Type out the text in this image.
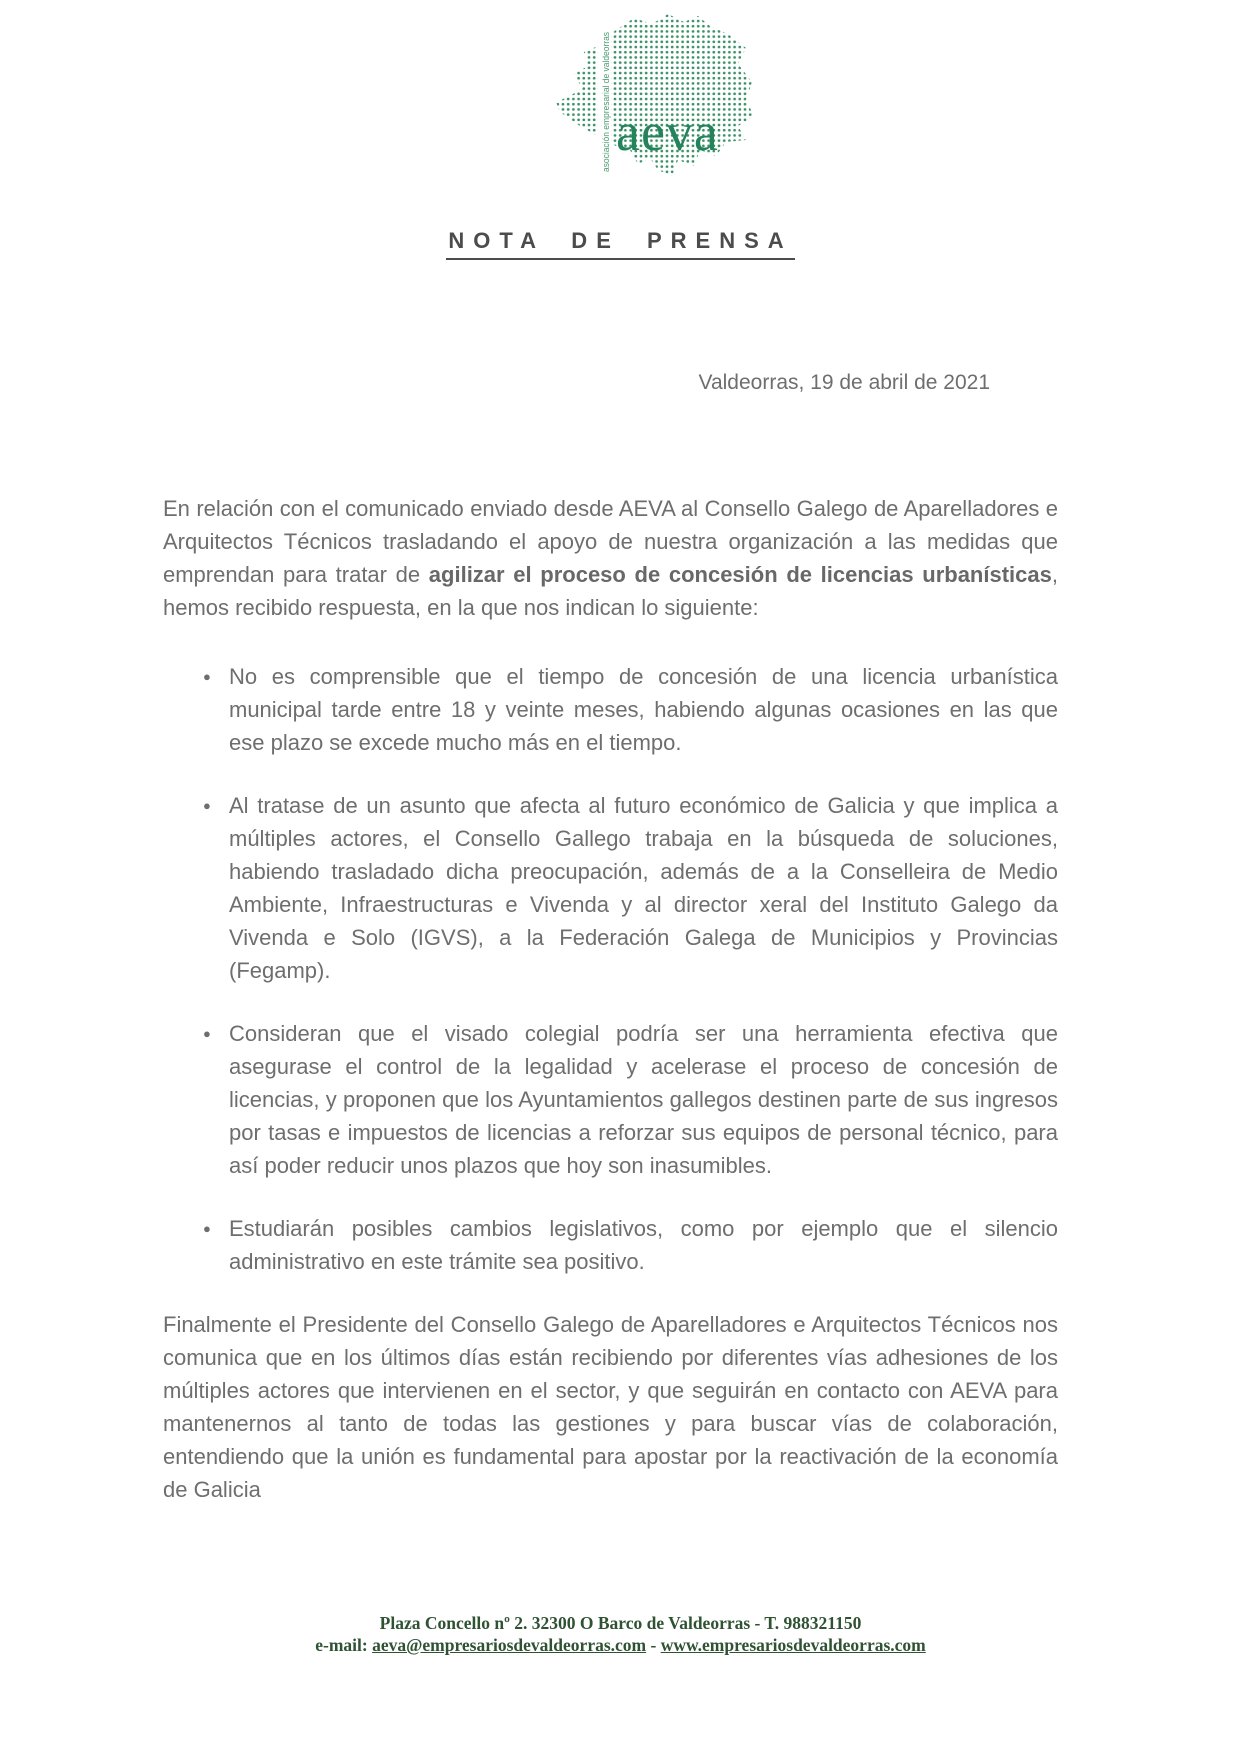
asociación empresarial de valdeorras aeva
NOTA DE PRENSA
Valdeorras, 19 de abril de 2021

En relación con el comunicado enviado desde AEVA al Consello Galego de Aparelladores e Arquitectos Técnicos trasladando el apoyo de nuestra organización a las medidas que emprendan para tratar de agilizar el proceso de concesión de licencias urbanísticas, hemos recibido respuesta, en la que nos indican lo siguiente:

● No es comprensible que el tiempo de concesión de una licencia urbanística municipal tarde entre 18 y veinte meses, habiendo algunas ocasiones en las que ese plazo se excede mucho más en el tiempo.
● Al tratase de un asunto que afecta al futuro económico de Galicia y que implica a múltiples actores, el Consello Gallego trabaja en la búsqueda de soluciones, habiendo trasladado dicha preocupación, además de a la Conselleira de Medio Ambiente, Infraestructuras e Vivenda y al director xeral del Instituto Galego da Vivenda e Solo (IGVS), a la Federación Galega de Municipios y Provincias (Fegamp).
● Consideran que el visado colegial podría ser una herramienta efectiva que asegurase el control de la legalidad y acelerase el proceso de concesión de licencias, y proponen que los Ayuntamientos gallegos destinen parte de sus ingresos por tasas e impuestos de licencias a reforzar sus equipos de personal técnico, para así poder reducir unos plazos que hoy son inasumibles.
● Estudiarán posibles cambios legislativos, como por ejemplo que el silencio administrativo en este trámite sea positivo.

Finalmente el Presidente del Consello Galego de Aparelladores e Arquitectos Técnicos nos comunica que en los últimos días están recibiendo por diferentes vías adhesiones de los múltiples actores que intervienen en el sector, y que seguirán en contacto con AEVA para mantenernos al tanto de todas las gestiones y para buscar vías de colaboración, entendiendo que la unión es fundamental para apostar por la reactivación de la economía de Galicia

Plaza Concello nº 2. 32300 O Barco de Valdeorras - T. 988321150
e-mail: aeva@empresariosdevaldeorras.com - www.empresariosdevaldeorras.com
